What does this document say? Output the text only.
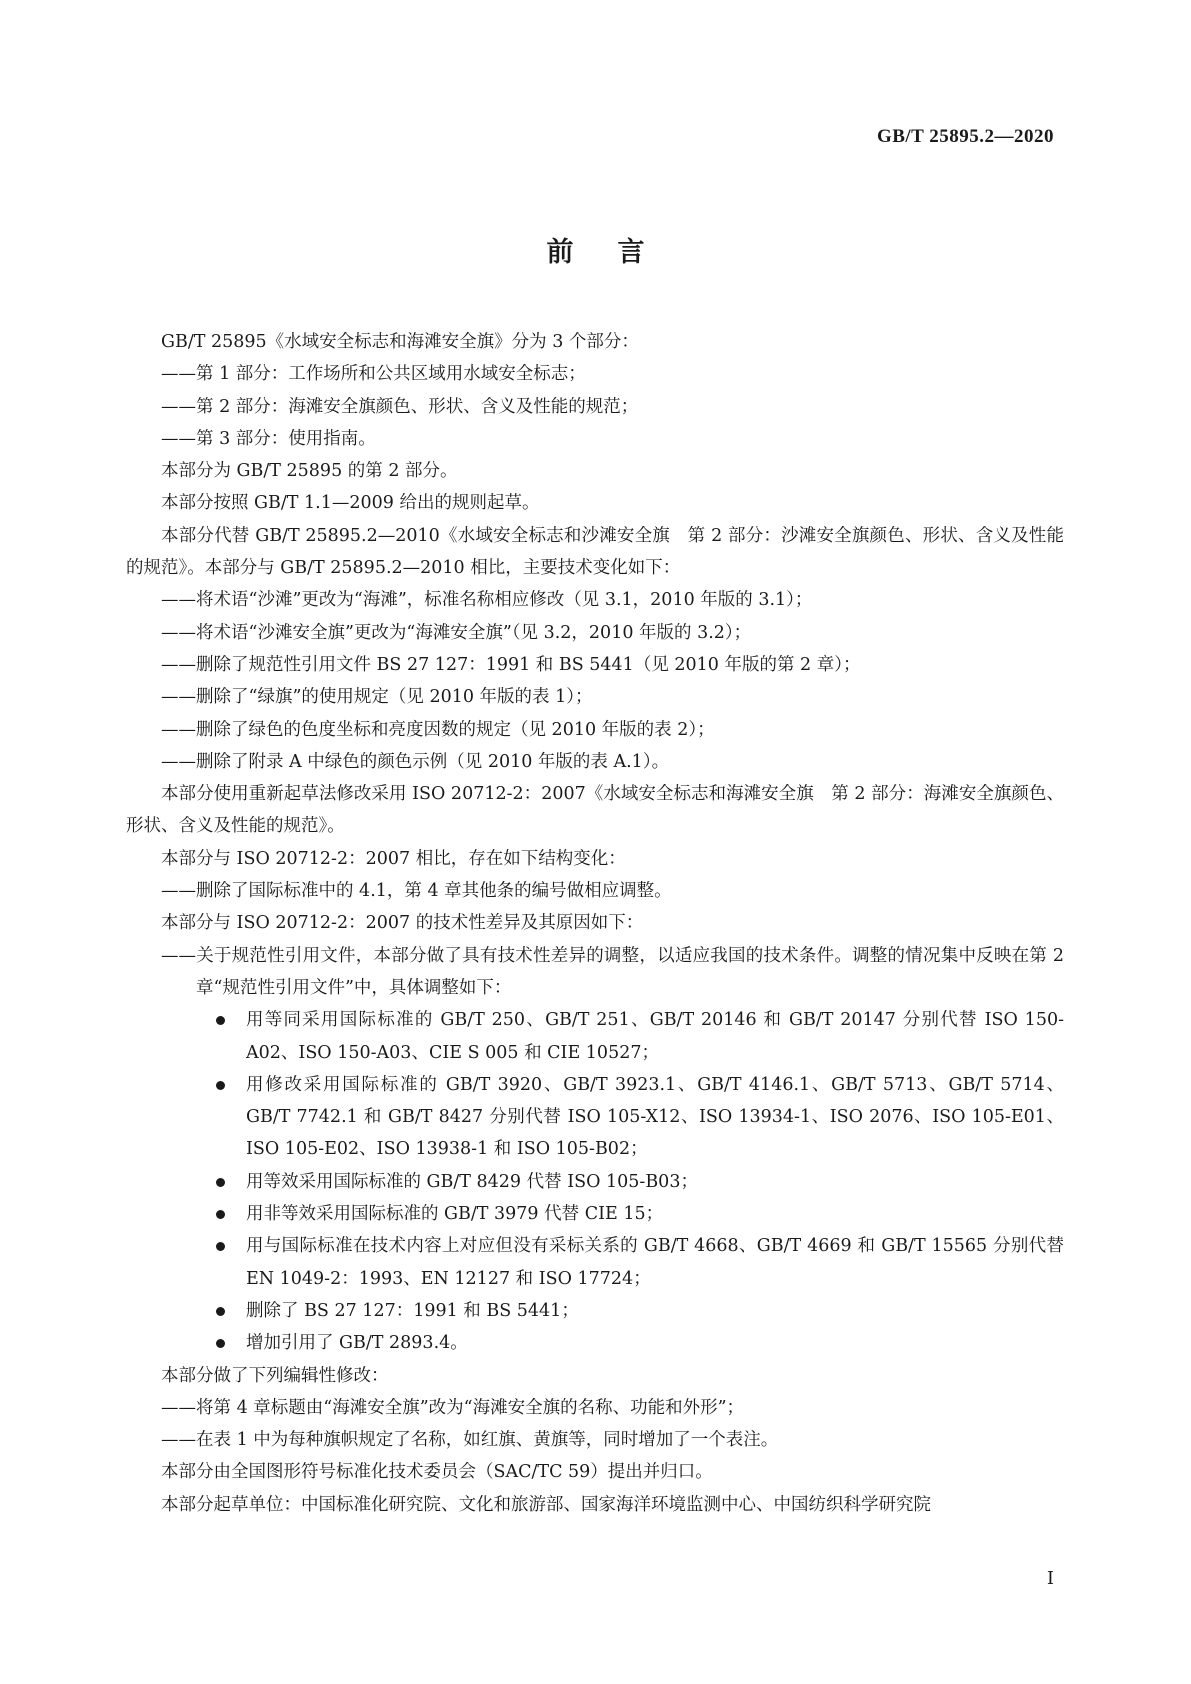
GB/T 25895.2—2020
前言

GB/T 25895《水域安全标志和海滩安全旗》分为 3 个部分：

——第 1 部分：工作场所和公共区域用水域安全标志；

——第 2 部分：海滩安全旗颜色、形状、含义及性能的规范；

——第 3 部分：使用指南。

本部分为 GB/T 25895 的第 2 部分。

本部分按照 GB/T 1.1—2009 给出的规则起草。

本部分代替 GB/T 25895.2—2010《水域安全标志和沙滩安全旗　第 2 部分：沙滩安全旗颜色、形状、含义及性能的规范》。本部分与 GB/T 25895.2—2010 相比，主要技术变化如下：

——将术语“沙滩”更改为“海滩”，标准名称相应修改（见 3.1，2010 年版的 3.1）；

——将术语“沙滩安全旗”更改为“海滩安全旗”（见 3.2，2010 年版的 3.2）；

——删除了规范性引用文件 BS 27 127：1991 和 BS 5441（见 2010 年版的第 2 章）；

——删除了“绿旗”的使用规定（见 2010 年版的表 1）；

——删除了绿色的色度坐标和亮度因数的规定（见 2010 年版的表 2）；

——删除了附录 A 中绿色的颜色示例（见 2010 年版的表 A.1）。

本部分使用重新起草法修改采用 ISO 20712-2：2007《水域安全标志和海滩安全旗　第 2 部分：海滩安全旗颜色、形状、含义及性能的规范》。

本部分与 ISO 20712-2：2007 相比，存在如下结构变化：

——删除了国际标准中的 4.1，第 4 章其他条的编号做相应调整。

本部分与 ISO 20712-2：2007 的技术性差异及其原因如下：

——关于规范性引用文件，本部分做了具有技术性差异的调整，以适应我国的技术条件。调整的情况集中反映在第 2 章“规范性引用文件”中，具体调整如下：

用等同采用国际标准的 GB/T 250、GB/T 251、GB/T 20146 和 GB/T 20147 分别代替 ISO 150-A02、ISO 150-A03、CIE S 005 和 CIE 10527；
用修改采用国际标准的 GB/T 3920、GB/T 3923.1、GB/T 4146.1、GB/T 5713、GB/T 5714、GB/T 7742.1 和 GB/T 8427 分别代替 ISO 105-X12、ISO 13934-1、ISO 2076、ISO 105-E01、ISO 105-E02、ISO 13938-1 和 ISO 105-B02；
用等效采用国际标准的 GB/T 8429 代替 ISO 105-B03；
用非等效采用国际标准的 GB/T 3979 代替 CIE 15；
用与国际标准在技术内容上对应但没有采标关系的 GB/T 4668、GB/T 4669 和 GB/T 15565 分别代替 EN 1049-2：1993、EN 12127 和 ISO 17724；
删除了 BS 27 127：1991 和 BS 5441；
增加引用了 GB/T 2893.4。

本部分做了下列编辑性修改：

——将第 4 章标题由“海滩安全旗”改为“海滩安全旗的名称、功能和外形”；

——在表 1 中为每种旗帜规定了名称，如红旗、黄旗等，同时增加了一个表注。

本部分由全国图形符号标准化技术委员会（SAC/TC 59）提出并归口。

本部分起草单位：中国标准化研究院、文化和旅游部、国家海洋环境监测中心、中国纺织科学研究院

I
